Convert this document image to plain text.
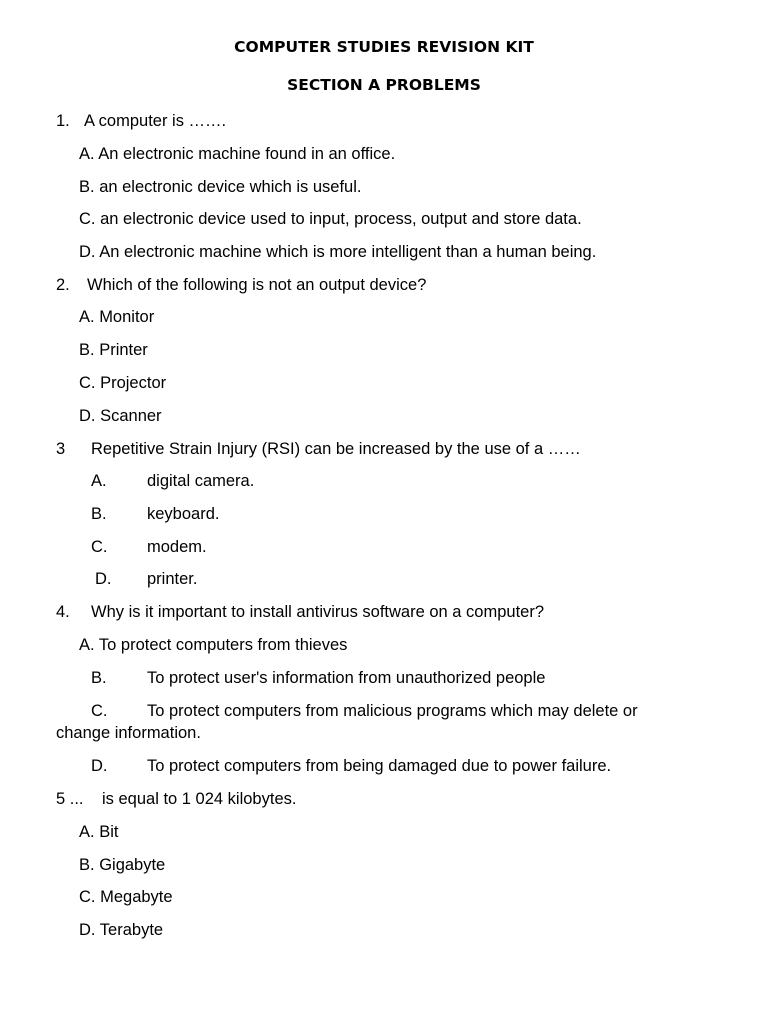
COMPUTER STUDIES REVISION KIT
SECTION A PROBLEMS
1. A computer is …….
A. An electronic machine found in an office.
B. an electronic device which is useful.
C. an electronic device used to input, process, output and store data.
D. An electronic machine which is more intelligent than a human being.
2. Which of the following is not an output device?
A. Monitor
B. Printer
C. Projector
D. Scanner
3 Repetitive Strain Injury (RSI) can be increased by the use of a ……
A. digital camera.
B. keyboard.
C. modem.
D. printer.
4. Why is it important to install antivirus software on a computer?
A. To protect computers from thieves
B. To protect user's information from unauthorized people
C. To protect computers from malicious programs which may delete or
change information.
D. To protect computers from being damaged due to power failure.
5 ... is equal to 1 024 kilobytes.
A. Bit
B. Gigabyte
C. Megabyte
D. Terabyte
